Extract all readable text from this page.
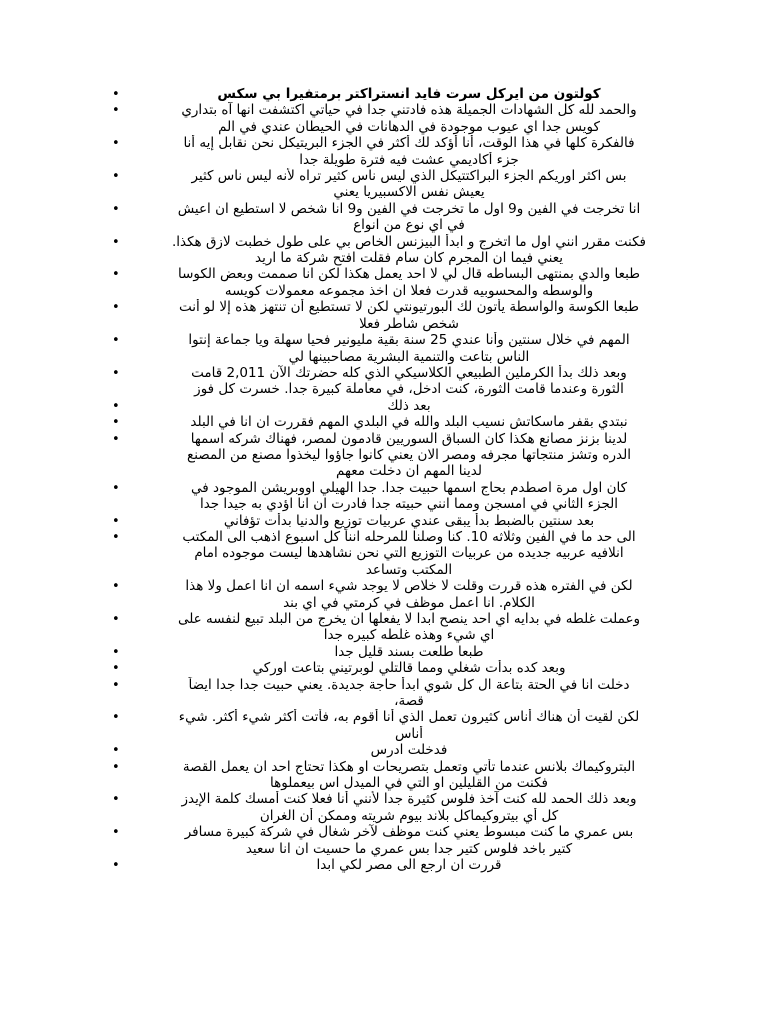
•	كولتون من ايركل سرت فايد انستراكتر برمتفيرا بي سكس
•	والحمد لله كل الشهادات الجميلة هذه فادتني جدا في حياتي اكتشفت انها آه بتداري
كويس جدا اي عيوب موجودة في الدهانات في الحيطان عندي في الم
•	فالفكرة كلها في هذا الوقت، أنا أؤكد لك أكثر في الجزء البريتيكل نحن نقابل إيه أنا
جزء أكاديمي عشت فيه فترة طويلة جدا
•	بس اكثر اوريكم الجزء البراكتتيكل الذي ليس ناس كثير تراه لأنه ليس ناس كثير
يعيش نفس الاكسبيريا يعني
•	انا تخرجت في الفين و9 اول ما تخرجت في الفين و9 انا شخص لا استطيع ان اعيش
في اي نوع من انواع
•	فكنت مقرر انني اول ما اتخرج و ابدأ البيزنس الخاص بي على طول خطبت لازق هكذا.
يعني فيما ان المجرم كان سام فقلت افتح شركة ما اريد
•	طبعا والدي بمنتهى البساطه قال لي لا احد يعمل هكذا لكن انا صممت وبعض الكوسا
والوسطه والمحسوبيه قدرت فعلا ان اخذ مجموعه معمولات كويسه
•	طبعا الكوسة والواسطة يأتون لك البورتيونتي لكن لا تستطيع أن تنتهز هذه إلا لو أنت
شخص شاطر فعلا
•	المهم في خلال سنتين وأنا عندي 25 سنة بقية مليونير فحيا سهلة ويا جماعة إنتوا
الناس بتاعت والتنمية البشرية مصاحبينها لي
•	وبعد ذلك بدأ الكرملين الطبيعي الكلاسيكي الذي كله حضرتك الآن 2,011 قامت
الثورة وعندما قامت الثورة، كنت ادخل، في معاملة كبيرة جدا. خسرت كل فوز
•	بعد ذلك
•	نبتدي بقفر ماسكاتش نسيب البلد والله في البلدي المهم فقررت ان انا في البلد
•	لدينا بزنز مصانع هكذا كان السباق السوريين قادمون لمصر، فهناك شركه اسمها
الدره وتشز منتجاتها مجرفه ومصر الان يعني كانوا جاؤوا ليخذوا مصنع من المصنع
لدينا المهم ان دخلت معهم
•	كان اول مرة اصطدم بحاج اسمها حبيت جدا. جدا الهيلي اووبريشن الموجود في
الجزء الثاني في امسجن ومما انني حبيته جدا فادرت ان انا اؤدي به جيدا جدا
•	بعد سنتين بالضبط بدأ يبقى عندي عربيات توزيع والدنيا بدأت تؤفاني
•	الى حد ما في الفين وثلاثه 10. كنا وصلنا للمرحله انناً كل اسبوع اذهب الى المكتب
انلافيه عربيه جديده من عربيات التوزيع التي نحن نشاهدها ليست موجوده امام
المكتب وتساعد
•	لكن في الفتره هذه قررت وقلت لا خلاص لا يوجد شيء اسمه ان انا اعمل ولا هذا
الكلام. انا اعمل موظف في كرمتي في اي بند
•	وعملت غلطه في بدايه اي احد ينصح ابدا لا يفعلها ان يخرج من البلد تبيع لنفسه على
اي شيء وهذه غلطه كبيره جدا
•	طبعا طلعت بسند قليل جدا
•	وبعد كده بدأت شغلي ومما قالتلي لوبرتيني بتاعت اوركي
•	دخلت انا في الحتة بتاعة ال كل شوي ابدأ حاجة جديدة. يعني حبيت جدا جدا ايضاً
قصة،
•	لكن لقيت أن هناك أناس كثيرون تعمل الذي أنا أقوم به، فأتت أكثر شيء أكثر. شيء
أناس
•	فدخلت ادرس
•	البتروكيماك بلانس عندما تأتي وتعمل بتصريحات او هكذا تحتاج احد ان يعمل القصة
فكنت من القليلين او التي في الميدل اس بيعملوها
•	وبعد ذلك الحمد لله كنت آخذ فلوس كثيرة جدا لأنني أنا فعلا كنت أمسك كلمة الإيدز
كل أي بيتروكيماكل بلاند بيوم شريته وممكن أن الغران
•	بس عمري ما كنت مبسوط يعني كنت موظف لآخر شغال في شركة كبيرة مسافر
كتير باخد فلوس كتير جدا بس عمري ما حسيت ان انا سعيد
•	قررت ان ارجع الى مصر لكي ابدا
